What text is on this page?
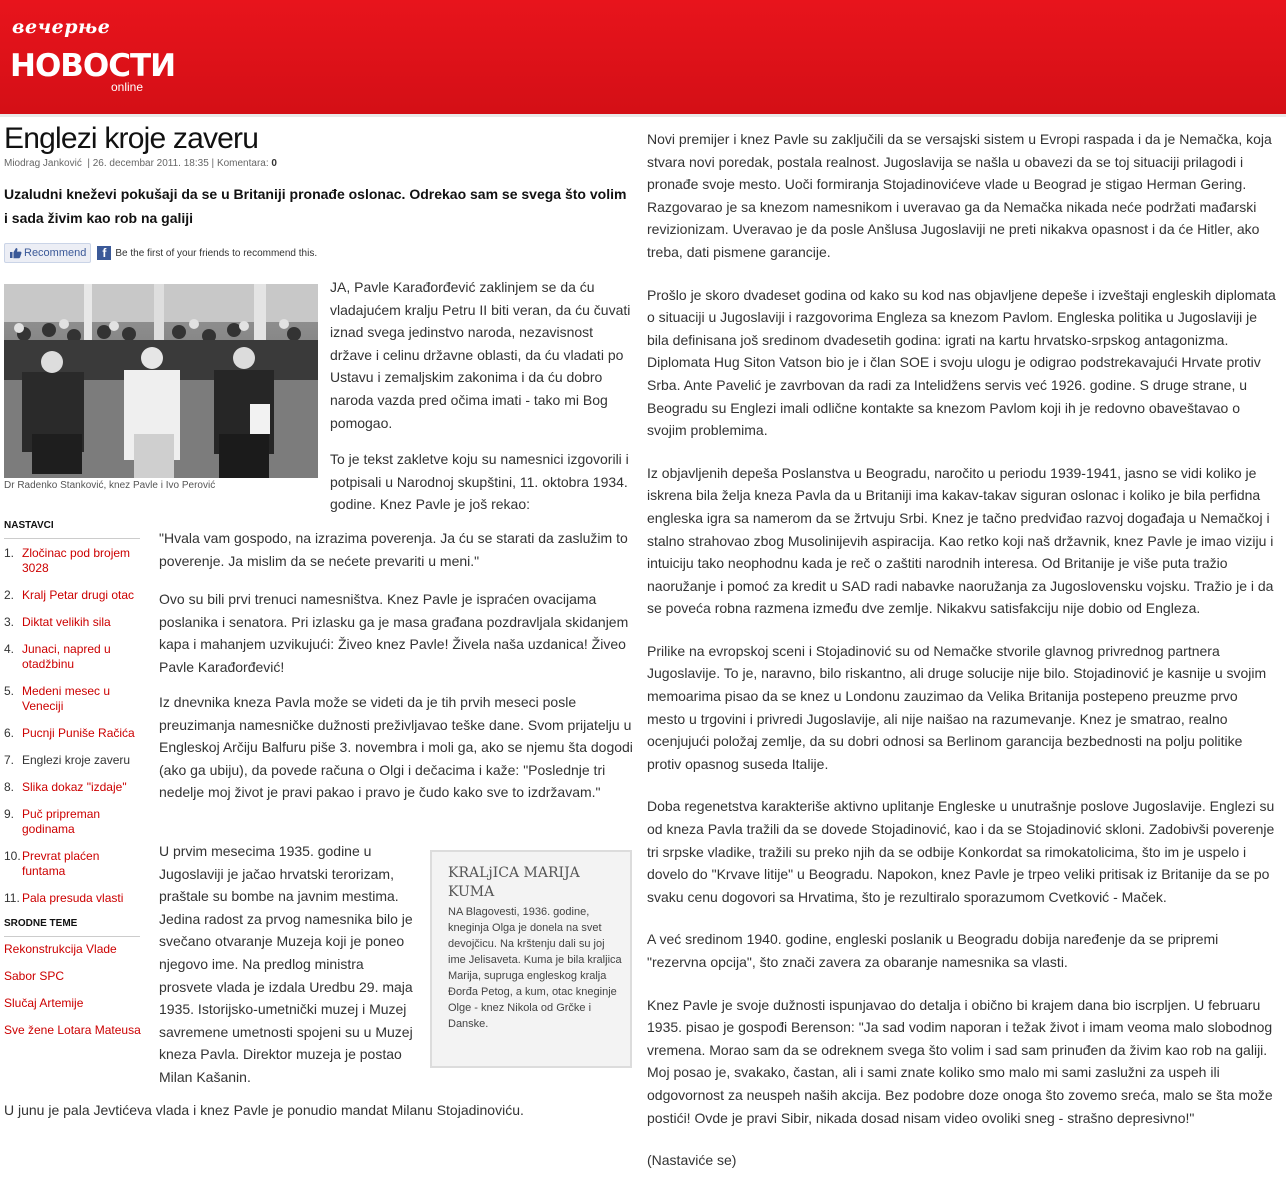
вечерње
НОВОСТИ
online
Englezi kroje zaveru
Miodrag Janković  | 26. decembar 2011. 18:35 | Komentara: 0

Uzaludni kneževi pokušaji da se u Britaniji pronađe oslonac. Odrekao sam se svega što volim i sada živim kao rob na galiji

Recommend	f Be the first of your friends to recommend this.
Dr Radenko Stanković, knez Pavle i Ivo Perović

JA, Pavle Karađorđević zaklinjem se da ću vladajućem kralju Petru II biti veran, da ću čuvati iznad svega jedinstvo naroda, nezavisnost države i celinu državne oblasti, da ću vladati po Ustavu i zemaljskim zakonima i da ću dobro naroda vazda pred očima imati - tako mi Bog pomogao.

To je tekst zakletve koju su namesnici izgovorili i potpisali u Narodnoj skupštini, 11. oktobra 1934. godine. Knez Pavle je još rekao:

NASTAVCI
1. Zločinac pod brojem 3028
2. Kralj Petar drugi otac
3. Diktat velikih sila
4. Junaci, napred u otadžbinu
5. Medeni mesec u Veneciji
6. Pucnji Puniše Račića
7. Englezi kroje zaveru
8. Slika dokaz "izdaje"
9. Puč pripreman godinama
10. Prevrat plaćen funtama
11. Pala presuda vlasti
SRODNE TEME
Rekonstrukcija Vlade
Sabor SPC
Slučaj Artemije
Sve žene Lotara Mateusa

"Hvala vam gospodo, na izrazima poverenja. Ja ću se starati da zaslužim to poverenje. Ja mislim da se nećete prevariti u meni."

Ovo su bili prvi trenuci namesništva. Knez Pavle je ispraćen ovacijama poslanika i senatora. Pri izlasku ga je masa građana pozdravljala skidanjem kapa i mahanjem uzvikujući: Živeo knez Pavle! Živela naša uzdanica! Živeo Pavle Karađorđević!

Iz dnevnika kneza Pavla može se videti da je tih prvih meseci posle preuzimanja namesničke dužnosti preživljavao teške dane. Svom prijatelju u Engleskoj Arčiju Balfuru piše 3. novembra i moli ga, ako se njemu šta dogodi (ako ga ubiju), da povede računa o Olgi i dečacima i kaže: "Poslednje tri nedelje moj život je pravi pakao i pravo je čudo kako sve to izdržavam."

U prvim mesecima 1935. godine u Jugoslaviji je jačao hrvatski terorizam, praštale su bombe na javnim mestima. Jedina radost za prvog namesnika bilo je svečano otvaranje Muzeja koji je poneo njegovo ime. Na predlog ministra prosvete vlada je izdala Uredbu 29. maja 1935. Istorijsko-umetnički muzej i Muzej savremene umetnosti spojeni su u Muzej kneza Pavla. Direktor muzeja je postao Milan Kašanin.

KRALjICA MARIJA KUMA
NA Blagovesti, 1936. godine, kneginja Olga je donela na svet devojčicu. Na krštenju dali su joj ime Jelisaveta. Kuma je bila kraljica Marija, supruga engleskog kralja Đorđa Petog, a kum, otac kneginje Olge - knez Nikola od Grčke i Danske.

U junu je pala Jevtićeva vlada i knez Pavle je ponudio mandat Milanu Stojadinoviću.

Novi premijer i knez Pavle su zaključili da se versajski sistem u Evropi raspada i da je Nemačka, koja stvara novi poredak, postala realnost. Jugoslavija se našla u obavezi da se toj situaciji prilagodi i pronađe svoje mesto. Uoči formiranja Stojadinovićeve vlade u Beograd je stigao Herman Gering. Razgovarao je sa knezom namesnikom i uveravao ga da Nemačka nikada neće podržati mađarski revizionizam. Uveravao je da posle Anšlusa Jugoslaviji ne preti nikakva opasnost i da će Hitler, ako treba, dati pismene garancije.

Prošlo je skoro dvadeset godina od kako su kod nas objavljene depeše i izveštaji engleskih diplomata o situaciji u Jugoslaviji i razgovorima Engleza sa knezom Pavlom. Engleska politika u Jugoslaviji je bila definisana još sredinom dvadesetih godina: igrati na kartu hrvatsko-srpskog antagonizma. Diplomata Hug Siton Vatson bio je i član SOE i svoju ulogu je odigrao podstrekavajući Hrvate protiv Srba. Ante Pavelić je zavrbovan da radi za Intelidžens servis već 1926. godine. S druge strane, u Beogradu su Englezi imali odlične kontakte sa knezom Pavlom koji ih je redovno obaveštavao o svojim problemima.

Iz objavljenih depeša Poslanstva u Beogradu, naročito u periodu 1939-1941, jasno se vidi koliko je iskrena bila želja kneza Pavla da u Britaniji ima kakav-takav siguran oslonac i koliko je bila perfidna engleska igra sa namerom da se žrtvuju Srbi. Knez je tačno predviđao razvoj događaja u Nemačkoj i stalno strahovao zbog Musolinijevih aspiracija. Kao retko koji naš državnik, knez Pavle je imao viziju i intuiciju tako neophodnu kada je reč o zaštiti narodnih interesa. Od Britanije je više puta tražio naoružanje i pomoć za kredit u SAD radi nabavke naoružanja za Jugoslovensku vojsku. Tražio je i da se poveća robna razmena između dve zemlje. Nikakvu satisfakciju nije dobio od Engleza.

Prilike na evropskoj sceni i Stojadinović su od Nemačke stvorile glavnog privrednog partnera Jugoslavije. To je, naravno, bilo riskantno, ali druge solucije nije bilo. Stojadinović je kasnije u svojim memoarima pisao da se knez u Londonu zauzimao da Velika Britanija postepeno preuzme prvo mesto u trgovini i privredi Jugoslavije, ali nije naišao na razumevanje. Knez je smatrao, realno ocenjujući položaj zemlje, da su dobri odnosi sa Berlinom garancija bezbednosti na polju politike protiv opasnog suseda Italije.

Doba regenetstva karakteriše aktivno uplitanje Engleske u unutrašnje poslove Jugoslavije. Englezi su od kneza Pavla tražili da se dovede Stojadinović, kao i da se Stojadinović skloni. Zadobivši poverenje tri srpske vladike, tražili su preko njih da se odbije Konkordat sa rimokatolicima, što im je uspelo i dovelo do "Krvave litije" u Beogradu. Napokon, knez Pavle je trpeo veliki pritisak iz Britanije da se po svaku cenu dogovori sa Hrvatima, što je rezultiralo sporazumom Cvetković - Maček.

A već sredinom 1940. godine, engleski poslanik u Beogradu dobija naređenje da se pripremi "rezervna opcija", što znači zavera za obaranje namesnika sa vlasti.

Knez Pavle je svoje dužnosti ispunjavao do detalja i obično bi krajem dana bio iscrpljen. U februaru 1935. pisao je gospođi Berenson: "Ja sad vodim naporan i težak život i imam veoma malo slobodnog vremena. Morao sam da se odreknem svega što volim i sad sam prinuđen da živim kao rob na galiji. Moj posao je, svakako, častan, ali i sami znate koliko smo malo mi sami zaslužni za uspeh ili odgovornost za neuspeh naših akcija. Bez podobre doze onoga što zovemo sreća, malo se šta može postići! Ovde je pravi Sibir, nikada dosad nisam video ovoliki sneg - strašno depresivno!"

(Nastaviće se)
